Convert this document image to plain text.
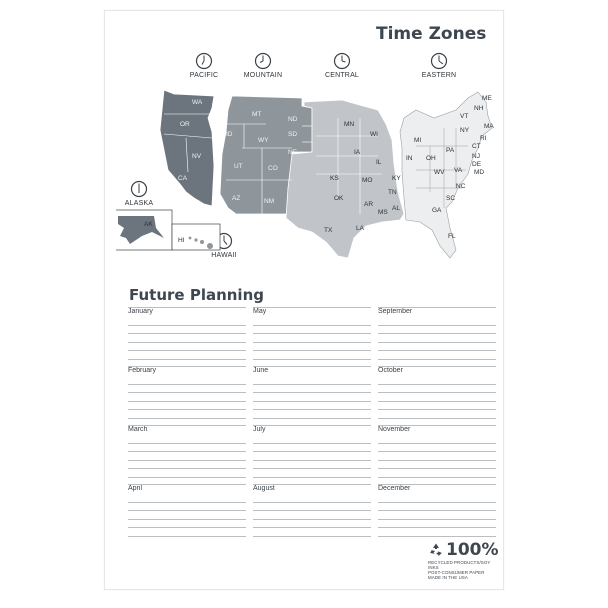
Time Zones
PACIFIC	MOUNTAIN	CENTRAL	EASTERN
ALASKA
HAWAII
WA
OR
CA
NV
ID
MT
WY
UT	CO
AZ	NM
ND
SD
NE
KS
OK
TX
MN
IA
MO
AR
LA
WI
IL
MS
AL
TN
KY
IN
MI
OH
GA
FL
SC
NC
VA
WV
PA
NY
VT
NH
ME
MA
RI
CT
NJ
DE
MD
AK
HI
Future Planning
January	May	September
February	June	October
March	July	November
April	August	December
100%
RECYCLED PRODUCTS/SOY INKS
POST-CONSUMER PAPER
MADE IN THE USA
